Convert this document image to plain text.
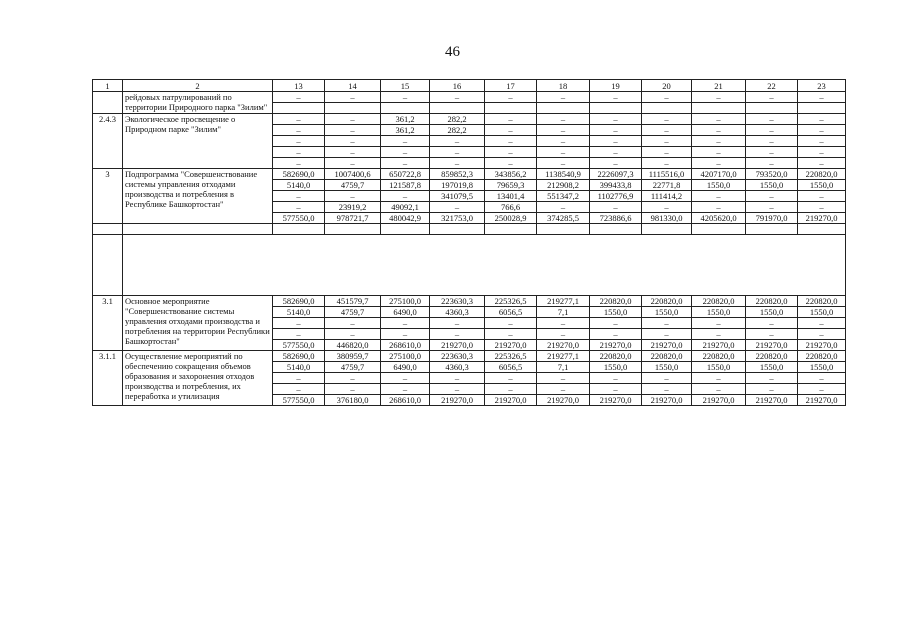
46
1	2	13	14	15	16	17	18	19	20	21	22	23
	рейдовых патрулирований по территории Природного парка "Зилим"	–	–	–	–	–	–	–	–	–	–	–

2.4.3	Экологическое просвещение о Природном парке "Зилим"	–	–	361,2	282,2	–	–	–	–	–	–	–
		–	–	361,2	282,2	–	–	–	–	–	–	–
		–	–	–	–	–	–	–	–	–	–	–
		–	–	–	–	–	–	–	–	–	–	–
		–	–	–	–	–	–	–	–	–	–	–
3	Подпрограмма "Совершенствование системы управления отходами производства и потребления в Республике Башкортостан"	582690,0	1007400,6	650722,8	859852,3	343856,2	1138540,9	2226097,3	1115516,0	4207170,0	793520,0	220820,0
		5140,0	4759,7	121587,8	197019,8	79659,3	212908,2	399433,8	22771,8	1550,0	1550,0	1550,0
		–	–	–	341079,5	13401,4	551347,2	1102776,9	111414,2	–	–	–
		–	23919,2	49092,1	–	766,6	–	–	–	–	–	–
		577550,0	978721,7	480042,9	321753,0	250028,9	374285,5	723886,6	981330,0	4205620,0	791970,0	219270,0

3.1	Основное мероприятие "Совершенствование системы управления отходами производства и потребления на территории Республики Башкортостан"	582690,0	451579,7	275100,0	223630,3	225326,5	219277,1	220820,0	220820,0	220820,0	220820,0	220820,0
		5140,0	4759,7	6490,0	4360,3	6056,5	7,1	1550,0	1550,0	1550,0	1550,0	1550,0
		–	–	–	–	–	–	–	–	–	–	–
		–	–	–	–	–	–	–	–	–	–	–
		577550,0	446820,0	268610,0	219270,0	219270,0	219270,0	219270,0	219270,0	219270,0	219270,0	219270,0
3.1.1	Осуществление мероприятий по обеспечению сокращения объемов образования и захоронения отходов производства и потребления, их переработка и утилизация	582690,0	380959,7	275100,0	223630,3	225326,5	219277,1	220820,0	220820,0	220820,0	220820,0	220820,0
		5140,0	4759,7	6490,0	4360,3	6056,5	7,1	1550,0	1550,0	1550,0	1550,0	1550,0
		–	–	–	–	–	–	–	–	–	–	–
		–	–	–	–	–	–	–	–	–	–	–
		577550,0	376180,0	268610,0	219270,0	219270,0	219270,0	219270,0	219270,0	219270,0	219270,0	219270,0
